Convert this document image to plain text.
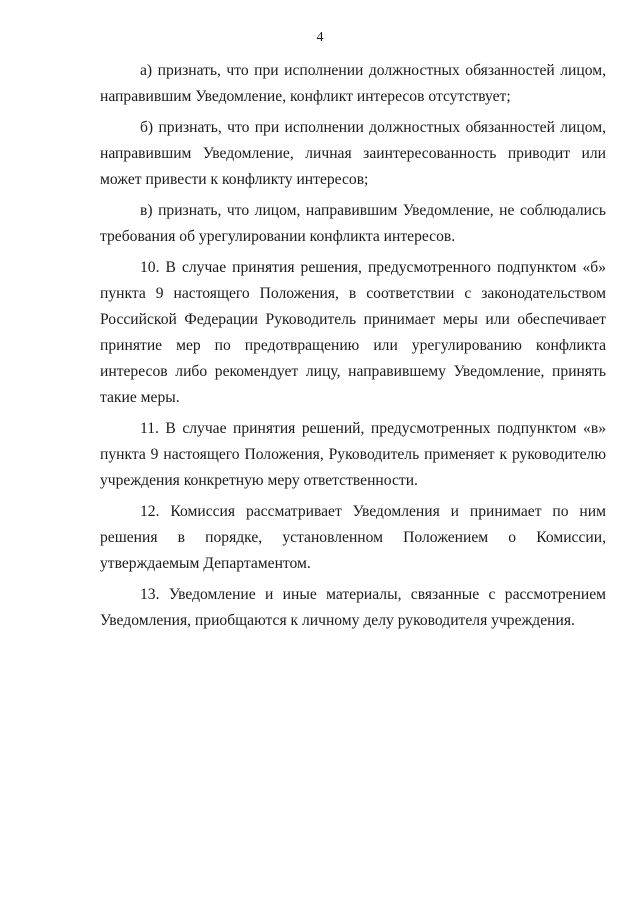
4

а) признать, что при исполнении должностных обязанностей лицом, направившим Уведомление, конфликт интересов отсутствует;

б) признать, что при исполнении должностных обязанностей лицом, направившим Уведомление, личная заинтересованность приводит или может привести к конфликту интересов;

в) признать, что лицом, направившим Уведомление, не соблюдались требования об урегулировании конфликта интересов.

10. В случае принятия решения, предусмотренного подпунктом «б» пункта 9 настоящего Положения, в соответствии с законодательством Российской Федерации Руководитель принимает меры или обеспечивает принятие мер по предотвращению или урегулированию конфликта интересов либо рекомендует лицу, направившему Уведомление, принять такие меры.

11. В случае принятия решений, предусмотренных подпунктом «в» пункта 9 настоящего Положения, Руководитель применяет к руководителю учреждения конкретную меру ответственности.

12. Комиссия рассматривает Уведомления и принимает по ним решения в порядке, установленном Положением о Комиссии, утверждаемым Департаментом.

13. Уведомление и иные материалы, связанные с рассмотрением Уведомления, приобщаются к личному делу руководителя учреждения.
